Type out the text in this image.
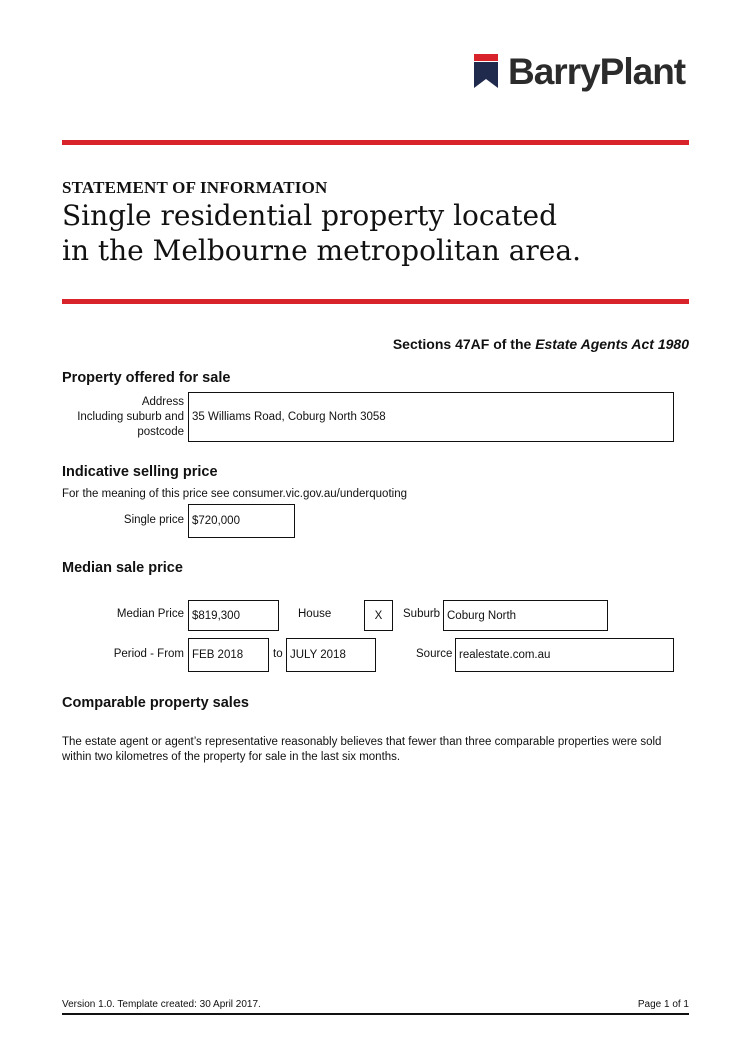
BarryPlant
STATEMENT OF INFORMATION
Single residential property located
in the Melbourne metropolitan area.
Sections 47AF of the Estate Agents Act 1980
Property offered for sale
Address
Including suburb and
postcode
35 Williams Road, Coburg North 3058
Indicative selling price
For the meaning of this price see consumer.vic.gov.au/underquoting
Single price $720,000
Median sale price
Median Price $819,300	House	X Suburb Coburg North
Period - From FEB 2018	to JULY 2018	Source realestate.com.au
Comparable property sales
The estate agent or agent’s representative reasonably believes that fewer than three comparable properties were sold within two kilometres of the property for sale in the last six months.
Version 1.0. Template created: 30 April 2017.	Page 1 of 1
